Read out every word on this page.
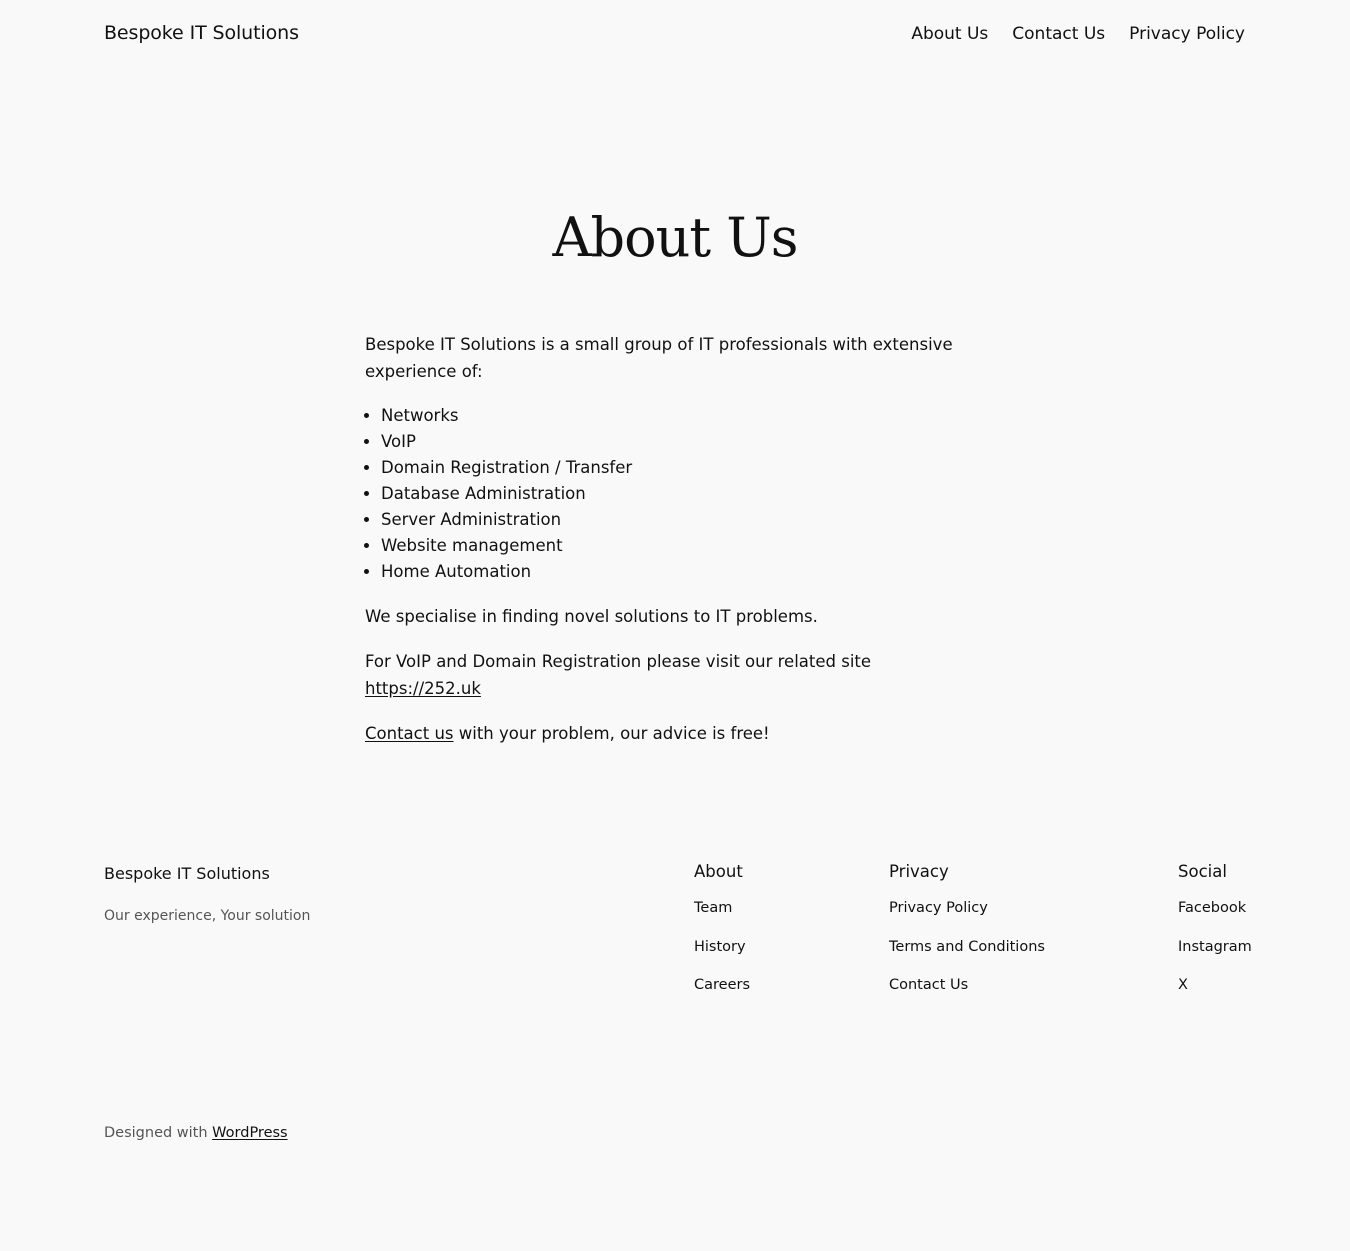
Bespoke IT Solutions	About Us Contact Us Privacy Policy
About Us

Bespoke IT Solutions is a small group of IT professionals with extensive experience of:

• Networks
• VoIP
• Domain Registration / Transfer
• Database Administration
• Server Administration
• Website management
• Home Automation

We specialise in finding novel solutions to IT problems.

For VoIP and Domain Registration please visit our related site https://252.uk

Contact us with your problem, our advice is free!

Bespoke IT Solutions
Our experience, Your solution
About
Team
History
Careers
Privacy
Privacy Policy
Terms and Conditions
Contact Us
Social
Facebook
Instagram
X
Designed with WordPress
